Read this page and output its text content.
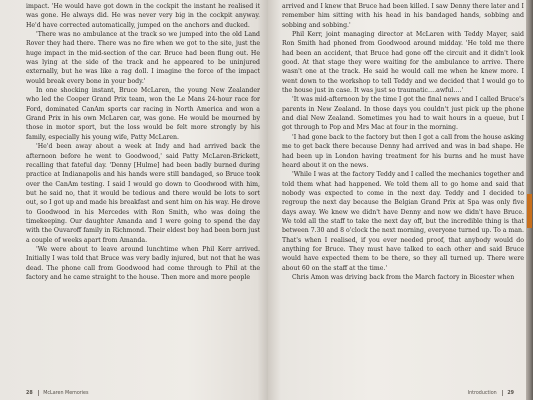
impact. 'He would have got down in the cockpit the instant he realised it was gone. He always did. He was never very big in the cockpit anyway. He'd have corrected automatically, jumped on the anchors and ducked.

'There was no ambulance at the track so we jumped into the old Land Rover they had there. There was no fire when we got to the site, just the huge impact in the mid-section of the car. Bruce had been flung out. He was lying at the side of the track and he appeared to be uninjured externally, but he was like a rag doll. I imagine the force of the impact would break every bone in your body.'

In one shocking instant, Bruce McLaren, the young New Zealander who led the Cooper Grand Prix team, won the Le Mans 24-hour race for Ford, dominated CanAm sports car racing in North America and won a Grand Prix in his own McLaren car, was gone. He would be mourned by those in motor sport, but the loss would be felt more strongly by his family, especially his young wife, Patty McLaren.

'He'd been away about a week at Indy and had arrived back the afternoon before he went to Goodwood,' said Patty McLaren-Brickett, recalling that fateful day. 'Denny [Hulme] had been badly burned during practice at Indianapolis and his hands were still bandaged, so Bruce took over the CanAm testing. I said I would go down to Goodwood with him, but he said no, that it would be tedious and there would be lots to sort out, so I got up and made his breakfast and sent him on his way. He drove to Goodwood in his Mercedes with Ron Smith, who was doing the timekeeping. Our daughter Amanda and I were going to spend the day with the Ouvaroff family in Richmond. Their eldest boy had been born just a couple of weeks apart from Amanda.

'We were about to leave around lunchtime when Phil Kerr arrived. Initially I was told that Bruce was very badly injured, but not that he was dead. The phone call from Goodwood had come through to Phil at the factory and he came straight to the house. Then more and more people

28 McLaren Memories

arrived and I knew that Bruce had been killed. I saw Denny there later and I remember him sitting with his head in his bandaged hands, sobbing and sobbing and sobbing.'

Phil Kerr, joint managing director at McLaren with Teddy Mayer, said Ron Smith had phoned from Goodwood around midday. 'He told me there had been an accident, that Bruce had gone off the circuit and it didn't look good. At that stage they were waiting for the ambulance to arrive. There wasn't one at the track. He said he would call me when he knew more. I went down to the workshop to tell Teddy and we decided that I would go to the house just in case. It was just so traumatic….awful….'

'It was mid-afternoon by the time I got the final news and I called Bruce's parents in New Zealand. In those days you couldn't just pick up the phone and dial New Zealand. Sometimes you had to wait hours in a queue, but I got through to Pop and Mrs Mac at four in the morning.

'I had gone back to the factory but then I got a call from the house asking me to get back there because Denny had arrived and was in bad shape. He had been up in London having treatment for his burns and he must have heard about it on the news.

'While I was at the factory Teddy and I called the mechanics together and told them what had happened. We told them all to go home and said that nobody was expected to come in the next day. Teddy and I decided to regroup the next day because the Belgian Grand Prix at Spa was only five days away. We knew we didn't have Denny and now we didn't have Bruce. We told all the staff to take the next day off, but the incredible thing is that between 7.30 and 8 o'clock the next morning, everyone turned up. To a man. That's when I realised, if you ever needed proof, that anybody would do anything for Bruce. They must have talked to each other and said Bruce would have expected them to be there, so they all turned up. There were about 60 on the staff at the time.'

Chris Amon was driving back from the March factory in Bicester when

Introduction 29
